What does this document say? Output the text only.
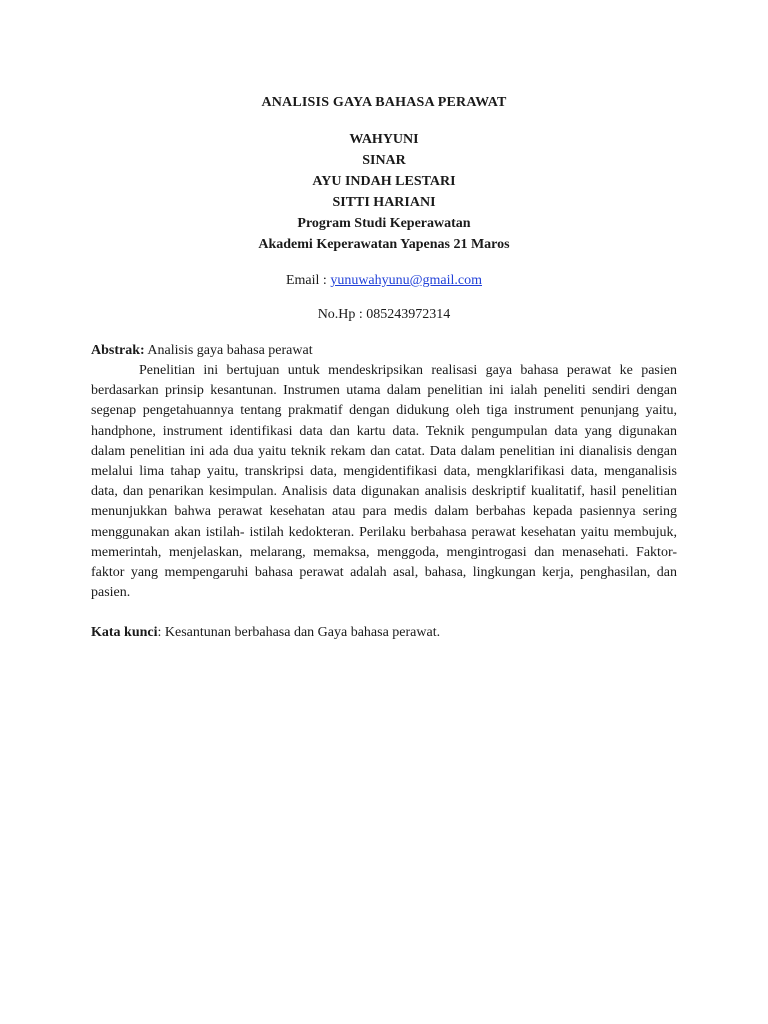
ANALISIS GAYA BAHASA PERAWAT
WAHYUNI
SINAR
AYU INDAH LESTARI
SITTI HARIANI
Program Studi Keperawatan
Akademi Keperawatan Yapenas 21 Maros
Email : yunuwahyunu@gmail.com
No.Hp : 085243972314
Abstrak: Analisis gaya bahasa perawat

Penelitian ini bertujuan untuk mendeskripsikan realisasi gaya bahasa perawat ke pasien berdasarkan prinsip kesantunan. Instrumen utama dalam penelitian ini ialah peneliti sendiri dengan segenap pengetahuannya tentang prakmatif dengan didukung oleh tiga instrument penunjang yaitu, handphone, instrument identifikasi data dan kartu data. Teknik pengumpulan data yang digunakan dalam penelitian ini ada dua yaitu teknik rekam dan catat. Data dalam penelitian ini dianalisis dengan melalui lima tahap yaitu, transkripsi data, mengidentifikasi data, mengklarifikasi data, menganalisis data, dan penarikan kesimpulan. Analisis data digunakan analisis deskriptif kualitatif, hasil penelitian menunjukkan bahwa perawat kesehatan atau para medis dalam berbahas kepada pasiennya sering menggunakan akan istilah- istilah kedokteran. Perilaku berbahasa perawat kesehatan yaitu membujuk, memerintah, menjelaskan, melarang, memaksa, menggoda, mengintrogasi dan menasehati. Faktor- faktor yang mempengaruhi bahasa perawat adalah asal, bahasa, lingkungan kerja, penghasilan, dan pasien.

Kata kunci: Kesantunan berbahasa dan Gaya bahasa perawat.
